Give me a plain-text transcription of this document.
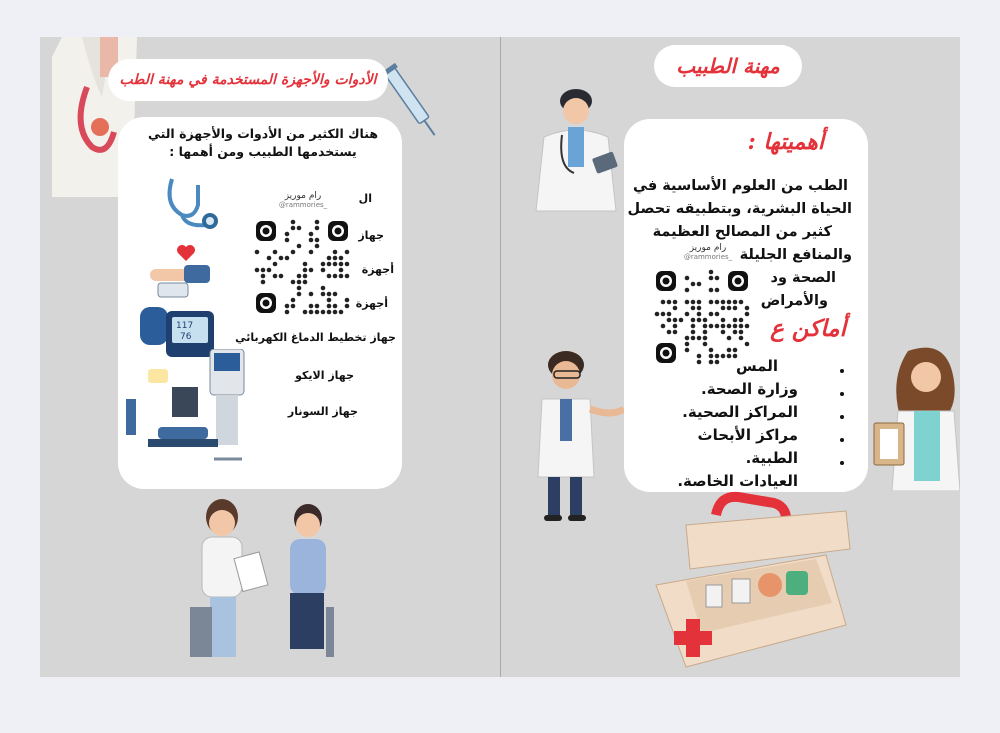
الأدوات والأجهزة المستخدمة في مهنة الطب
هناك الكثير من الأدوات والأجهزة التي يستخدمها الطبيب ومن أهمها :
117
76
رام موريز
@rammories_	ال
جهاز
أجهزة
أجهزة
جهاز تخطيط الدماغ الكهربائي
جهاز الايكو
جهاز السونار
مهنة الطبيب
أهميتها :
الطب من العلوم الأساسية في
الحياة البشرية، وبتطبيقه تحصل
كثير من المصالح العظيمة
والمنافع الجليلة
الصحة ود
والأمراض
رام موريز
@rammories_
أماكن ع
المس
وزارة الصحة.
المراكز الصحية.
مراكز الأبحاث الطبية.
العيادات الخاصة.
